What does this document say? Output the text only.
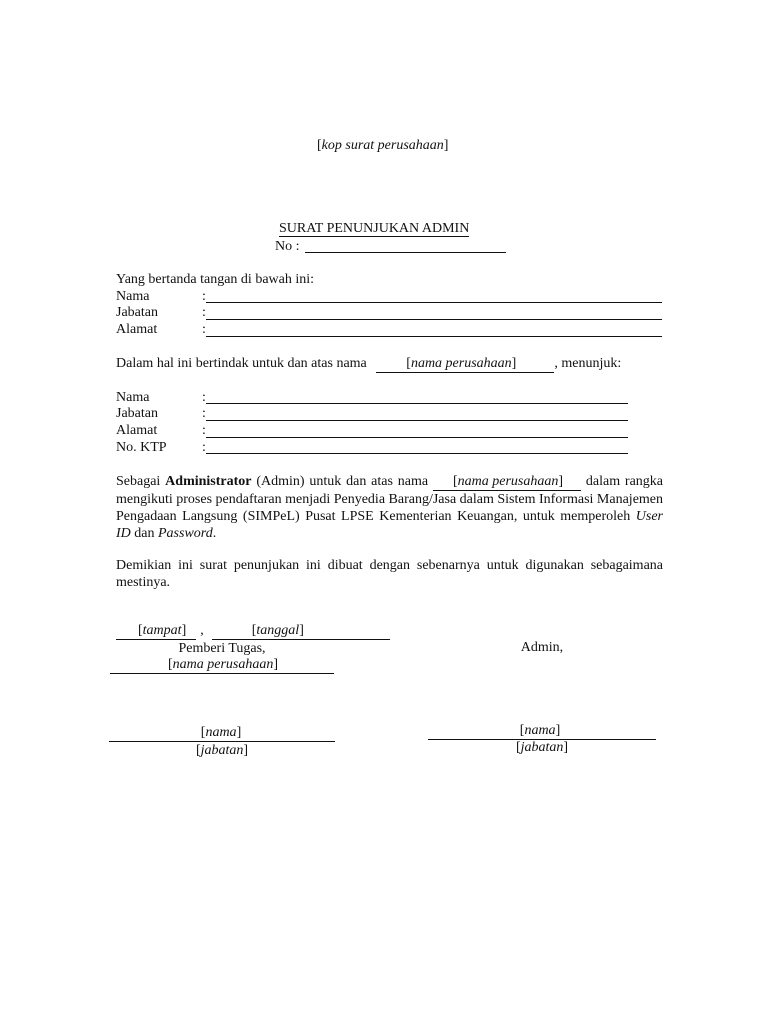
[kop surat perusahaan]
SURAT PENUNJUKAN ADMIN
No :
Yang bertanda tangan di bawah ini:
Nama	:
Jabatan	:
Alamat	:
Dalam hal ini bertindak untuk dan atas nama	[nama perusahaan]	, menunjuk:
Nama	:
Jabatan	:
Alamat	:
No. KTP	:
Sebagai Administrator (Admin) untuk dan atas nama [nama perusahaan] dalam rangka mengikuti proses pendaftaran menjadi Penyedia Barang/Jasa dalam Sistem Informasi Manajemen Pengadaan Langsung (SIMPeL) Pusat LPSE Kementerian Keuangan, untuk memperoleh User ID dan Password.
Demikian ini surat penunjukan ini dibuat dengan sebenarnya untuk digunakan sebagaimana mestinya.
[tampat] ,	[tanggal]
Pemberi Tugas,
[nama perusahaan]
[nama]
[jabatan]
Admin,
[nama]
[jabatan]
